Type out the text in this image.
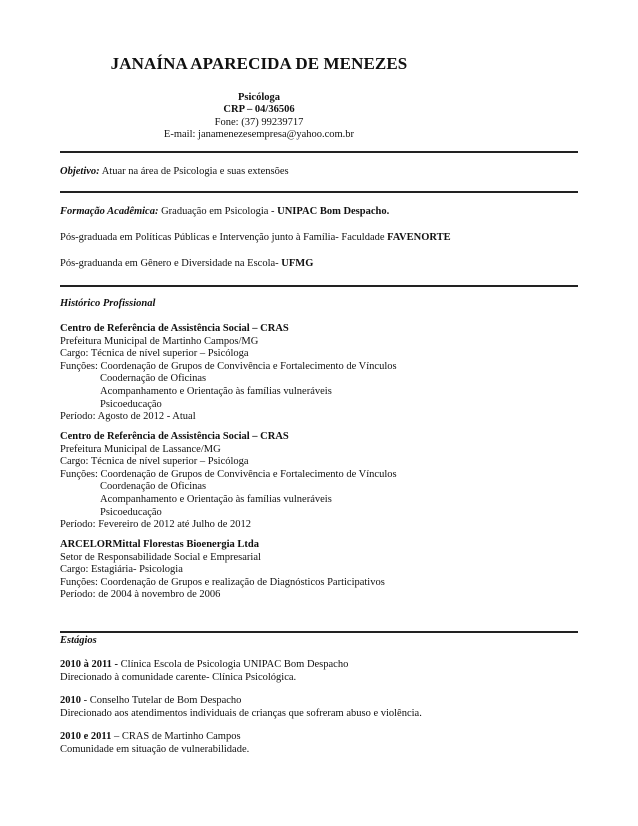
JANAÍNA APARECIDA DE MENEZES
Psicóloga
CRP – 04/36506
Fone: (37) 99239717
E-mail: janamenezesempresa@yahoo.com.br
Objetivo: Atuar na área de Psicologia e suas extensões
Formação Acadêmica: Graduação em Psicologia - UNIPAC Bom Despacho.
Pós-graduada em Políticas Públicas e Intervenção junto à Família- Faculdade FAVENORTE
Pós-graduanda em Gênero e Diversidade na Escola- UFMG
Histórico Profissional
Centro de Referência de Assistência Social – CRAS
Prefeitura Municipal de Martinho Campos/MG
Cargo: Técnica de nível superior – Psicóloga
Funções: Coordenação de Grupos de Convivência e Fortalecimento de Vínculos
Coodernação de Oficinas
Acompanhamento e Orientação às famílias vulneráveis
Psicoeducação
Período: Agosto de 2012 - Atual
Centro de Referência de Assistência Social – CRAS
Prefeitura Municipal de Lassance/MG
Cargo: Técnica de nível superior – Psicóloga
Funções: Coordenação de Grupos de Convivência e Fortalecimento de Vínculos
Coordenação de Oficinas
Acompanhamento e Orientação às famílias vulneráveis
Psicoeducação
Período: Fevereiro de 2012 até Julho de 2012
ARCELORMittal Florestas Bioenergia Ltda
Setor de Responsabilidade Social e Empresarial
Cargo: Estagiária- Psicologia
Funções: Coordenação de Grupos e realização de Diagnósticos Participativos
Período: de 2004 à novembro de 2006
Estágios
2010 à 2011 - Clínica Escola de Psicologia UNIPAC Bom Despacho
Direcionado à comunidade carente- Clínica Psicológica.
2010 - Conselho Tutelar de Bom Despacho
Direcionado aos atendimentos individuais de crianças que sofreram abuso e violência.
2010 e 2011 – CRAS de Martinho Campos
Comunidade em situação de vulnerabilidade.
